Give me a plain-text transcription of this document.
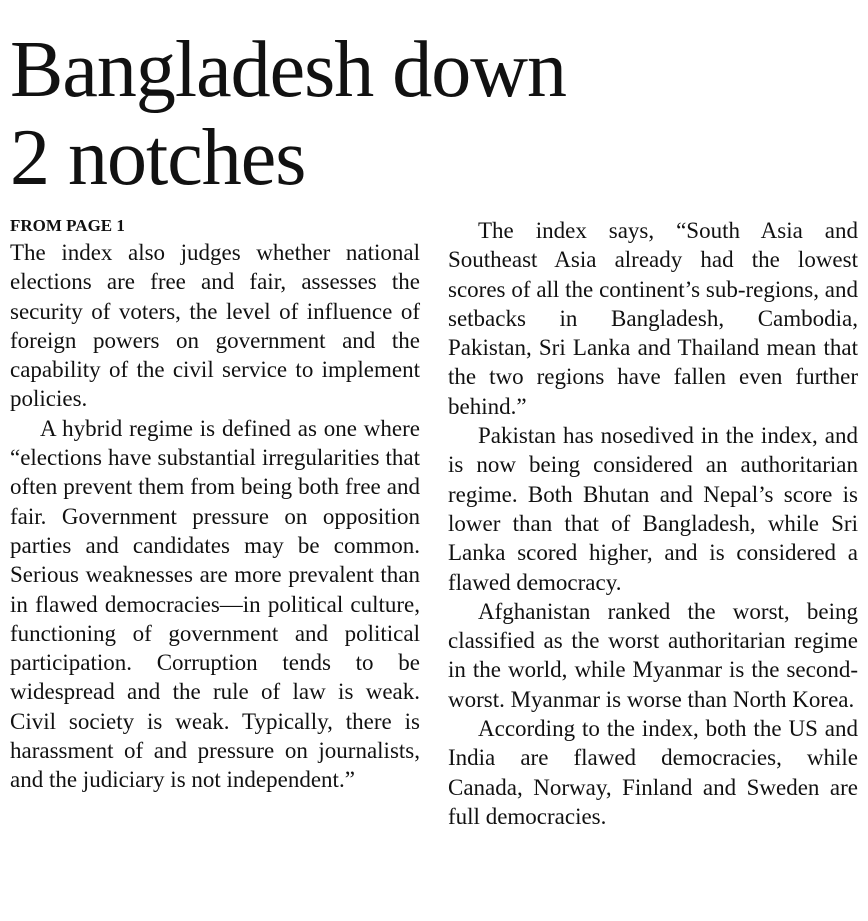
Bangladesh down
2 notches
FROM PAGE 1

The index also judges whether national elections are free and fair, assesses the security of voters, the level of influence of foreign powers on government and the capability of the civil service to implement policies.

A hybrid regime is defined as one where “elections have substantial irregularities that often prevent them from being both free and fair. Government pressure on opposition parties and candidates may be common. Serious weaknesses are more prevalent than in flawed democracies—in political culture, functioning of government and political participation. Corruption tends to be widespread and the rule of law is weak. Civil society is weak. Typically, there is harassment of and pressure on journalists, and the judiciary is not independent.”

The index says, “South Asia and Southeast Asia already had the lowest scores of all the continent’s sub-regions, and setbacks in Bangladesh, Cambodia, Pakistan, Sri Lanka and Thailand mean that the two regions have fallen even further behind.”

Pakistan has nosedived in the index, and is now being considered an authoritarian regime. Both Bhutan and Nepal’s score is lower than that of Bangladesh, while Sri Lanka scored higher, and is considered a flawed democracy.

Afghanistan ranked the worst, being classified as the worst authoritarian regime in the world, while Myanmar is the second-worst. Myanmar is worse than North Korea.

According to the index, both the US and India are flawed democracies, while Canada, Norway, Finland and Sweden are full democracies.
